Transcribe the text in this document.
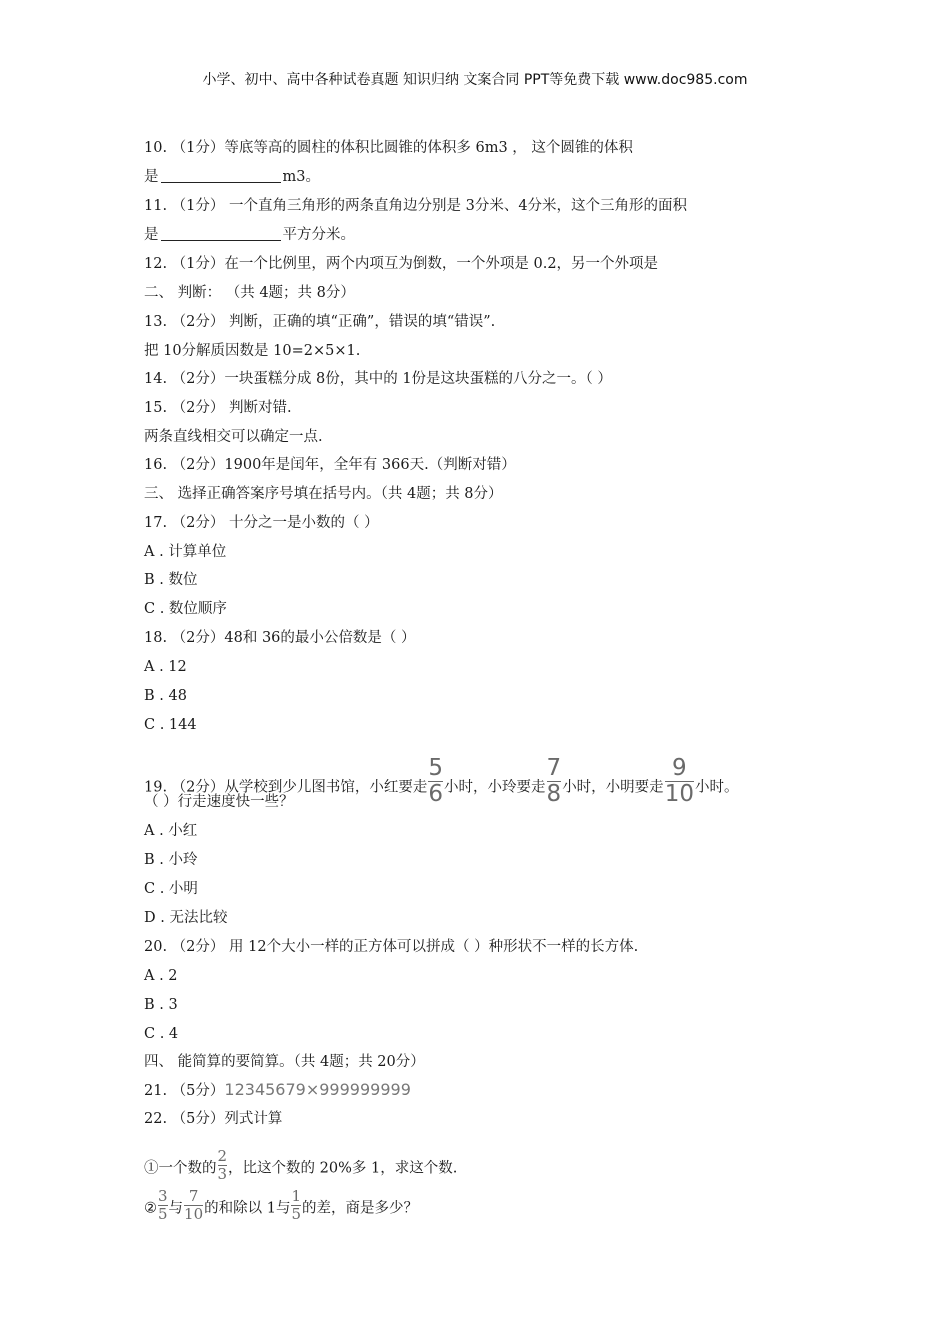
小学、初中、高中各种试卷真题 知识归纳 文案合同 PPT等免费下载 www.doc985.com
10. （1分）等底等高的圆柱的体积比圆锥的体积多 6m3 ， 这个圆锥的体积
是	m3。
11. （1分） 一个直角三角形的两条直角边分别是 3分米、4分米，这个三角形的面积
是	平方分米。
12. （1分）在一个比例里，两个内项互为倒数，一个外项是 0.2，另一个外项是
二、 判断： （共 4题；共 8分）
13. （2分） 判断，正确的填“正确”，错误的填“错误”.
把 10分解质因数是 10=2×5×1.
14. （2分）一块蛋糕分成 8份，其中的 1份是这块蛋糕的八分之一。（ ）
15. （2分） 判断对错.
两条直线相交可以确定一点.
16. （2分）1900年是闰年，全年有 366天.（判断对错）
三、 选择正确答案序号填在括号内。（共 4题；共 8分）
17. （2分） 十分之一是小数的（ ）
A . 计算单位
B . 数位
C . 数位顺序
18. （2分）48和 36的最小公倍数是（ ）
A . 12
B . 48
C . 144
19. （2分）从学校到少儿图书馆，小红要走 $\frac{5}{6}$ 小时，小玲要走 $\frac{7}{8}$ 小时，小明要走 $\frac{9}{10}$ 小时。
（ ）行走速度快一些？
A . 小红
B . 小玲
C . 小明
D . 无法比较
20. （2分） 用 12个大小一样的正方体可以拼成（ ）种形状不一样的长方体.
A . 2
B . 3
C . 4
四、 能简算的要简算。（共 4题；共 20分）
21. （5分）12345679×999999999
22. （5分）列式计算
①一个数的 $\frac{2}{3}$ ，比这个数的 20%多 1，求这个数.
② $\frac{3}{5}$ 与 $\frac{7}{10}$ 的和除以 1与 $\frac{1}{5}$ 的差，商是多少？
